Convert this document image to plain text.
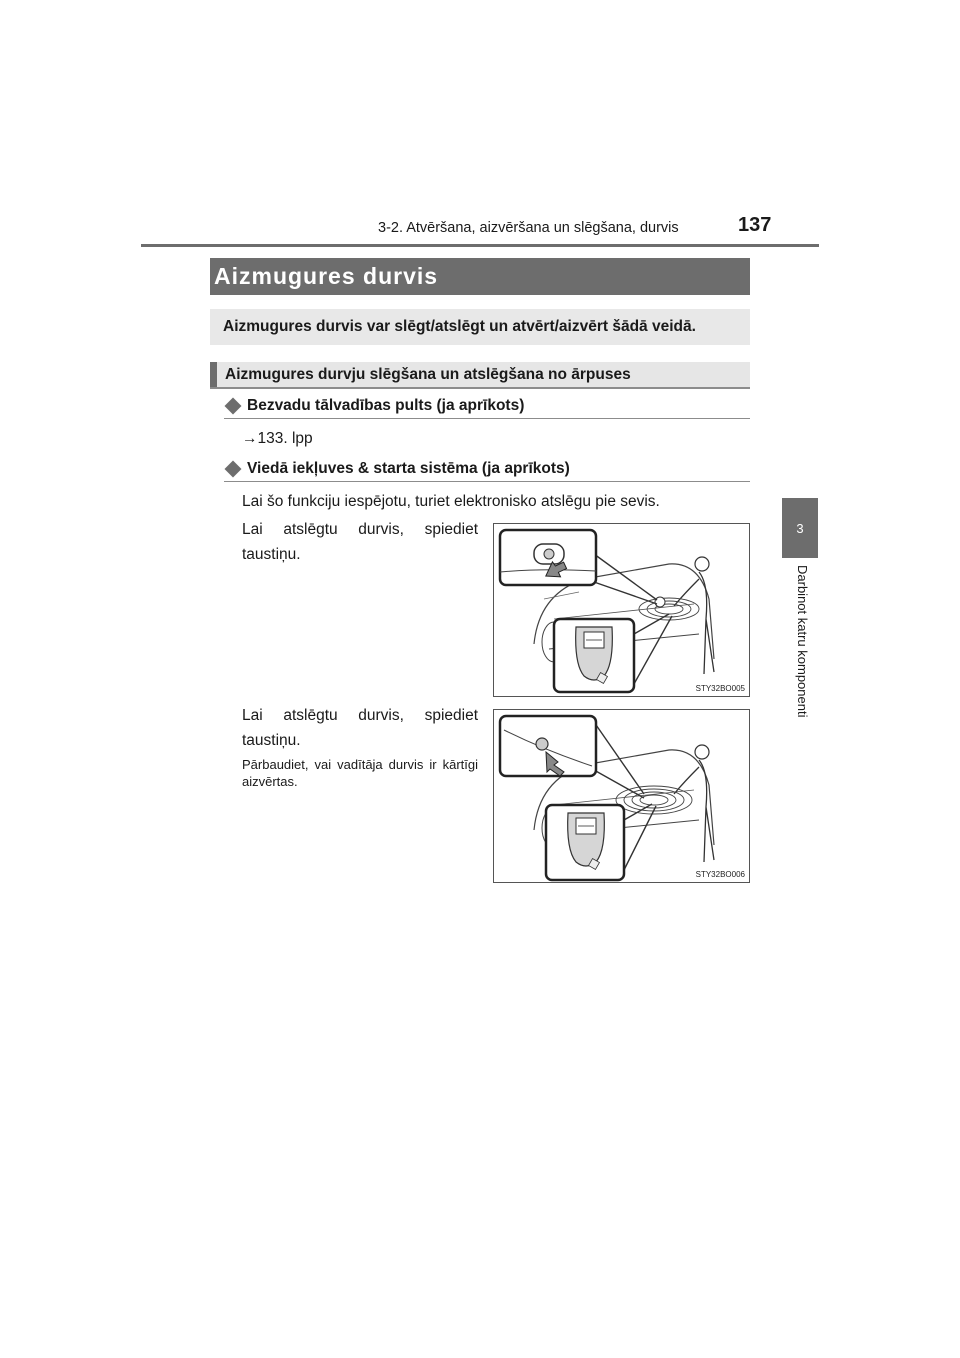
3-2. Atvēršana, aizvēršana un slēgšana, durvis	137
3
Darbinot katru komponenti
Aizmugures durvis
Aizmugures durvis var slēgt/atslēgt un atvērt/aizvērt šādā veidā.
Aizmugures durvju slēgšana un atslēgšana no ārpuses
Bezvadu tālvadības pults (ja aprīkots)
→133. lpp
Viedā iekļuves & starta sistēma (ja aprīkots)
Lai šo funkciju iespējotu, turiet elektronisko atslēgu pie sevis.
Lai atslēgtu durvis, spiediet taustiņu.
STY32BO005
Lai atslēgtu durvis, spiediet taustiņu.
Pārbaudiet, vai vadītāja durvis ir kārtīgi aizvērtas.
STY32BO006
